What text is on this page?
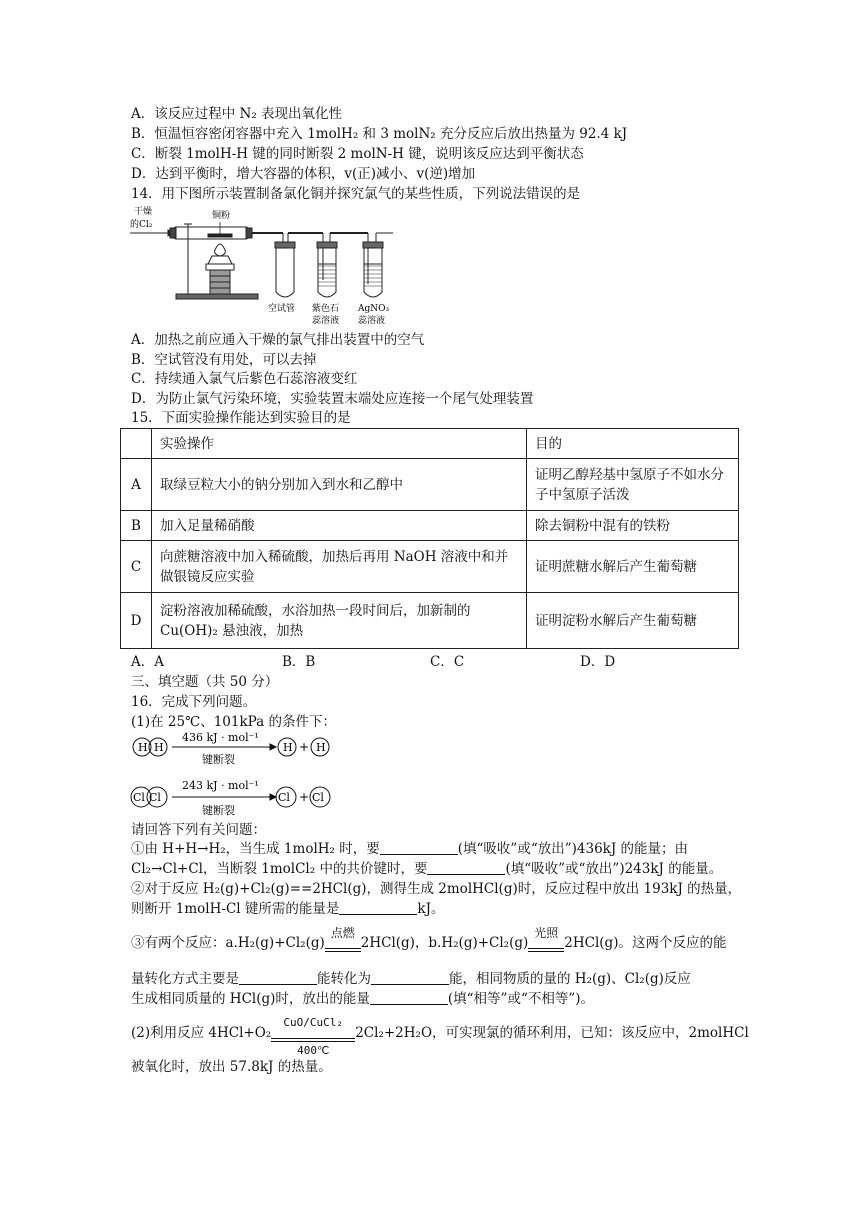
A．该反应过程中 N₂ 表现出氧化性
B．恒温恒容密闭容器中充入 1molH₂ 和 3 molN₂ 充分反应后放出热量为 92.4 kJ
C．断裂 1molH-H 键的同时断裂 2 molN-H 键，说明该反应达到平衡状态
D．达到平衡时，增大容器的体积，v(正)减小、v(逆)增加
14．用下图所示装置制备氯化铜并探究氯气的某些性质，下列说法错误的是
干燥
的Cl₂
铜粉
空试管 紫色石
蕊溶液
AgNO₃
蕊溶液
A．加热之前应通入干燥的氯气排出装置中的空气
B．空试管没有用处，可以去掉
C．持续通入氯气后紫色石蕊溶液变红
D．为防止氯气污染环境，实验装置末端处应连接一个尾气处理装置
15．下面实验操作能达到实验目的是
	实验操作	目的
A	取绿豆粒大小的钠分别加入到水和乙醇中	证明乙醇羟基中氢原子不如水分子中氢原子活泼
B	加入足量稀硝酸	除去铜粉中混有的铁粉
C	向蔗糖溶液中加入稀硫酸，加热后再用 NaOH 溶液中和并做银镜反应实验	证明蔗糖水解后产生葡萄糖
D	淀粉溶液加稀硫酸，水浴加热一段时间后，加新制的
Cu(OH)₂ 悬浊液，加热	证明淀粉水解后产生葡萄糖
A．A	B．B	C．C	D．D
三、填空题（共 50 分）
16．完成下列问题。
(1)在 25℃、101kPa 的条件下：
H H
436 kJ · mol⁻¹
键断裂
H + H
Cl Cl
243 kJ · mol⁻¹
键断裂
Cl + Cl
请回答下列有关问题：
①由 H+H→H₂，当生成 1molH₂ 时，要	(填“吸收”或“放出”)436kJ 的能量；由
Cl₂→Cl+Cl，当断裂 1molCl₂ 中的共价键时，要	(填“吸收”或“放出”)243kJ 的能量。
②对于反应 H₂(g)+Cl₂(g)==2HCl(g)，测得生成 2molHCl(g)时，反应过程中放出 193kJ 的热量，
则断开 1molH-Cl 键所需的能量是	kJ。
③有两个反应：a.H₂(g)+Cl₂(g)
点燃
2HCl(g)，b.H₂(g)+Cl₂(g)
光照
2HCl(g)。这两个反应的能
量转化方式主要是	能转化为	能，相同物质的量的 H₂(g)、Cl₂(g)反应
生成相同质量的 HCl(g)时，放出的能量	(填“相等”或“不相等”)。
(2)利用反应 4HCl+O₂
CuO/CuCl₂
400℃
2Cl₂+2H₂O，可实现氯的循环利用，已知：该反应中，2molHCl
被氧化时，放出 57.8kJ 的热量。
